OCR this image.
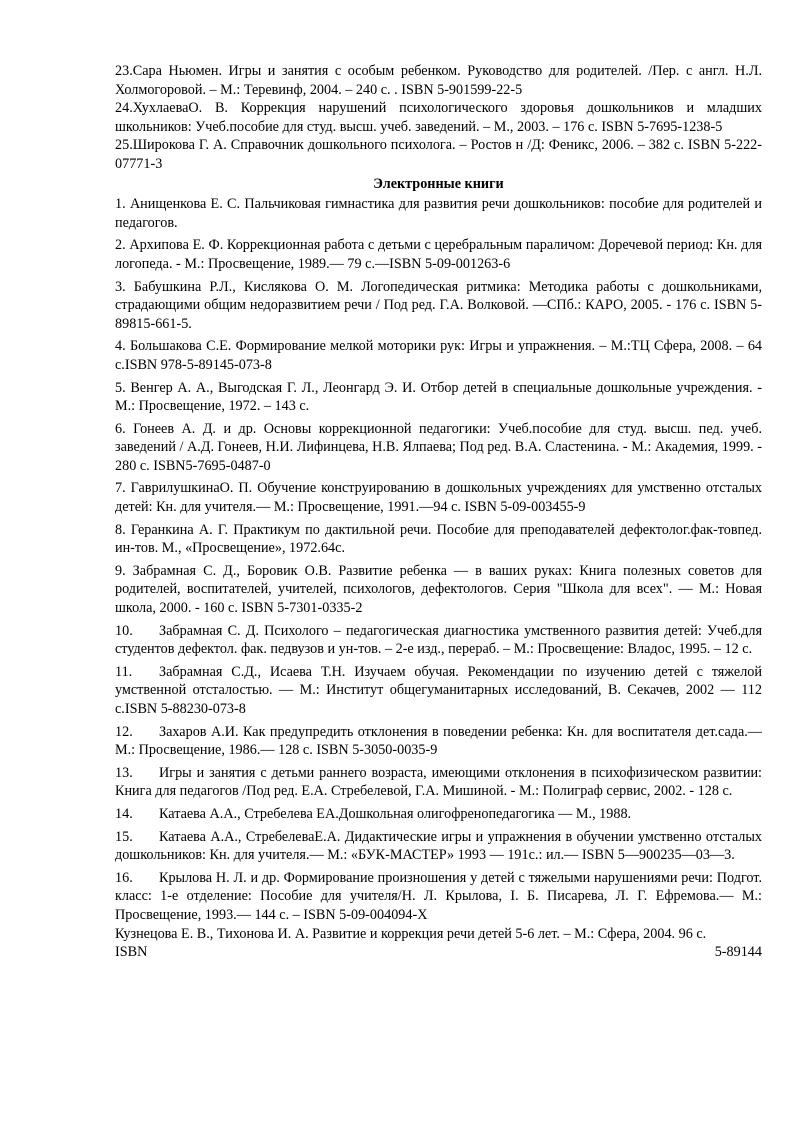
23.Сара Ньюмен. Игры и занятия с особым ребенком. Руководство для родителей. /Пер. с англ. Н.Л. Холмогоровой. – М.: Теревинф, 2004. – 240 с. . ISBN 5-901599-22-5

24.ХухлаеваО. В. Коррекция нарушений психологического здоровья дошкольников и младших школьников: Учеб.пособие для студ. высш. учеб. заведений. – М., 2003. – 176 с. ISBN 5-7695-1238-5

25.Широкова Г. А. Справочник дошкольного психолога. – Ростов н /Д: Феникс, 2006. – 382 с. ISBN 5-222-07771-3

Электронные книги

1. Анищенкова Е. С. Пальчиковая гимнастика для развития речи дошкольников: пособие для родителей и педагогов.

2. Архипова Е. Ф. Коррекционная работа с детьми с церебральным параличом: Доречевой период: Кн. для логопеда. - М.: Просвещение, 1989.— 79 с.—ISBN 5-09-001263-6

3. Бабушкина Р.Л., Кислякова О. М. Логопедическая ритмика: Методика работы с дошкольниками, страдающими общим недоразвитием речи / Под ред. Г.А. Волковой. —СПб.: КАРО, 2005. - 176 с. ISBN 5-89815-661-5.

4. Большакова С.Е. Формирование мелкой моторики рук: Игры и упражнения. – М.:ТЦ Сфера, 2008. – 64 с.ISBN 978-5-89145-073-8

5. Венгер А. А., Выгодская Г. Л., Леонгард Э. И. Отбор детей в специальные дошкольные учреждения. - М.: Просвещение, 1972. – 143 с.

6. Гонеев А. Д. и др. Основы коррекционной педагогики: Учеб.пособие для студ. высш. пед. учеб. заведений / А.Д. Гонеев, Н.И. Лифинцева, Н.В. Ялпаева; Под ред. В.А. Сластенина. - М.: Академия, 1999. - 280 с. ISBN5-7695-0487-0

7. ГаврилушкинаО. П. Обучение конструированию в дошкольных учреждениях для умственно отсталых детей: Кн. для учителя.— М.: Просвещение, 1991.—94 с. ISBN 5-09-003455-9

8. Геранкина А. Г. Практикум по дактильной речи. Пособие для преподавателей дефектолог.фак-товпед. ин-тов. М., «Просвещение», 1972.64с.

9. Забрамная С. Д., Боровик О.В. Развитие ребенка — в ваших руках: Книга полезных советов для родителей, воспитателей, учителей, психологов, дефектологов. Серия "Школа для всех". — М.: Новая школа, 2000. - 160 с. ISBN 5-7301-0335-2

10. Забрамная С. Д. Психолого – педагогическая диагностика умственного развития детей: Учеб.для студентов дефектол. фак. педвузов и ун-тов. – 2-е изд., перераб. – М.: Просвещение: Владос, 1995. – 12 с.

11. Забрамная С.Д., Исаева Т.Н. Изучаем обучая. Рекомендации по изучению детей с тяжелой умственной отсталостью. — М.: Институт общегуманитарных исследований, В. Секачев, 2002 — 112 с.ISBN 5-88230-073-8

12. Захаров А.И. Как предупредить отклонения в поведении ребенка: Кн. для воспитателя дет.сада.— М.: Просвещение, 1986.— 128 с. ISBN 5-3050-0035-9

13. Игры и занятия с детьми раннего возраста, имеющими отклонения в психофизическом развитии: Книга для педагогов /Под ред. Е.А. Стребелевой, Г.А. Мишиной. - М.: Полиграф сервис, 2002. - 128 с.

14. Катаева А.А., Стребелева ЕА.Дошкольная олигофренопедагогика — М., 1988.

15. Катаева А.А., СтребелеваЕ.А. Дидактические игры и упражнения в обучении умственно отсталых дошкольников: Кн. для учителя.— М.: «БУК-МАСТЕР» 1993 — 191с.: ил.— ISBN 5—900235—03—3.

16. Крылова Н. Л. и др. Формирование произношения у детей с тяжелыми нарушениями речи: Подгот. класс: 1-е отделение: Пособие для учителя/Н. Л. Крылова, I. Б. Писарева, Л. Г. Ефремова.— М.: Просвещение, 1993.— 144 с. – ISBN 5-09-004094-Х

Кузнецова Е. В., Тихонова И. А. Развитие и коррекция речи детей 5-6 лет. – М.: Сфера, 2004. 96 с.

ISBN	5-89144
